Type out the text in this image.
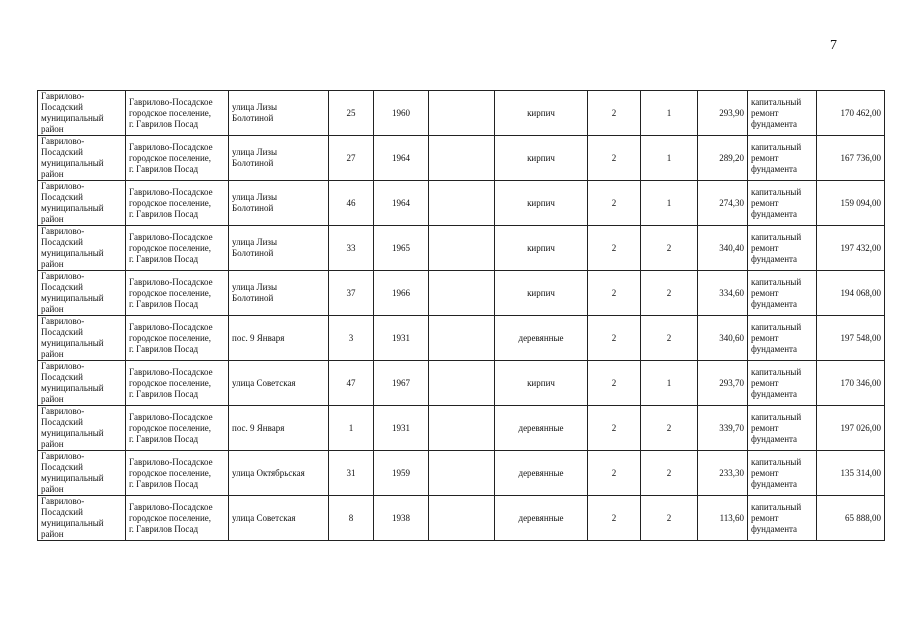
7
Гаврилово-
Посадский
муниципальный
район	Гаврилово-Посадское
городское поселение,
г. Гаврилов Посад	улица Лизы
Болотиной	25	1960		кирпич	2	1	293,90	капитальный
ремонт
фундамента	170 462,00

Гаврилово-
Посадский
муниципальный
район	Гаврилово-Посадское
городское поселение,
г. Гаврилов Посад	улица Лизы
Болотиной	27	1964		кирпич	2	1	289,20	капитальный
ремонт
фундамента	167 736,00

Гаврилово-
Посадский
муниципальный
район	Гаврилово-Посадское
городское поселение,
г. Гаврилов Посад	улица Лизы
Болотиной	46	1964		кирпич	2	1	274,30	капитальный
ремонт
фундамента	159 094,00

Гаврилово-
Посадский
муниципальный
район	Гаврилово-Посадское
городское поселение,
г. Гаврилов Посад	улица Лизы
Болотиной	33	1965		кирпич	2	2	340,40	капитальный
ремонт
фундамента	197 432,00

Гаврилово-
Посадский
муниципальный
район	Гаврилово-Посадское
городское поселение,
г. Гаврилов Посад	улица Лизы
Болотиной	37	1966		кирпич	2	2	334,60	капитальный
ремонт
фундамента	194 068,00

Гаврилово-
Посадский
муниципальный
район	Гаврилово-Посадское
городское поселение,
г. Гаврилов Посад	пос. 9 Января	3	1931		деревянные	2	2	340,60	капитальный
ремонт
фундамента	197 548,00

Гаврилово-
Посадский
муниципальный
район	Гаврилово-Посадское
городское поселение,
г. Гаврилов Посад	улица Советская	47	1967		кирпич	2	1	293,70	капитальный
ремонт
фундамента	170 346,00

Гаврилово-
Посадский
муниципальный
район	Гаврилово-Посадское
городское поселение,
г. Гаврилов Посад	пос. 9 Января	1	1931		деревянные	2	2	339,70	капитальный
ремонт
фундамента	197 026,00

Гаврилово-
Посадский
муниципальный
район	Гаврилово-Посадское
городское поселение,
г. Гаврилов Посад	улица Октябрьская	31	1959		деревянные	2	2	233,30	капитальный
ремонт
фундамента	135 314,00

Гаврилово-
Посадский
муниципальный
район	Гаврилово-Посадское
городское поселение,
г. Гаврилов Посад	улица Советская	8	1938		деревянные	2	2	113,60	капитальный
ремонт
фундамента	65 888,00
